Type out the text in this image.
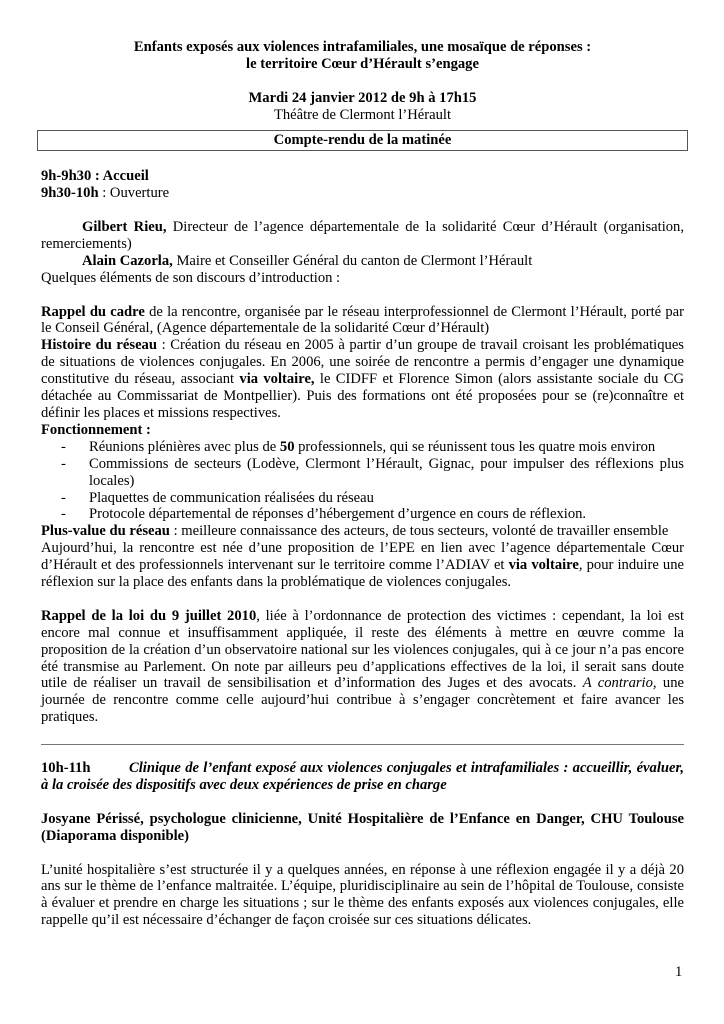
Enfants exposés aux violences intrafamiliales, une mosaïque de réponses :
le territoire Cœur d’Hérault s’engage
Mardi 24 janvier 2012 de 9h à 17h15
Théâtre de Clermont l’Hérault
Compte-rendu de la matinée
9h-9h30 : Accueil
9h30-10h : Ouverture

Gilbert Rieu, Directeur de l’agence départementale de la solidarité Cœur d’Hérault (organisation, remerciements)

Alain Cazorla, Maire et Conseiller Général du canton de Clermont l’Hérault

Quelques éléments de son discours d’introduction :

Rappel du cadre de la rencontre, organisée par le réseau interprofessionnel de Clermont l’Hérault, porté par le Conseil Général, (Agence départementale de la solidarité Cœur d’Hérault)

Histoire du réseau : Création du réseau en 2005 à partir d’un groupe de travail croisant les problématiques de situations de violences conjugales. En 2006, une soirée de rencontre a permis d’engager une dynamique constitutive du réseau, associant via voltaire, le CIDFF et Florence Simon (alors assistante sociale du CG détachée au Commissariat de Montpellier). Puis des formations ont été proposées pour se (re)connaître et définir les places et missions respectives.

Fonctionnement :
- Réunions plénières avec plus de 50 professionnels, qui se réunissent tous les quatre mois environ
- Commissions de secteurs (Lodève, Clermont l’Hérault, Gignac, pour impulser des réflexions plus locales)
- Plaquettes de communication réalisées du réseau
- Protocole départemental de réponses d’hébergement d’urgence en cours de réflexion.

Plus-value du réseau : meilleure connaissance des acteurs, de tous secteurs, volonté de travailler ensemble

Aujourd’hui, la rencontre est née d’une proposition de l’EPE en lien avec l’agence départementale Cœur d’Hérault et des professionnels intervenant sur le territoire comme l’ADIAV et via voltaire, pour induire une réflexion sur la place des enfants dans la problématique de violences conjugales.

Rappel de la loi du 9 juillet 2010, liée à l’ordonnance de protection des victimes : cependant, la loi est encore mal connue et insuffisamment appliquée, il reste des éléments à mettre en œuvre comme la proposition de la création d’un observatoire national sur les violences conjugales, qui à ce jour n’a pas encore été transmise au Parlement. On note par ailleurs peu d’applications effectives de la loi, il serait sans doute utile de réaliser un travail de sensibilisation et d’information des Juges et des avocats. A contrario, une journée de rencontre comme celle aujourd’hui contribue à s’engager concrètement et faire avancer les pratiques.

10h-11h	Clinique de l’enfant exposé aux violences conjugales et intrafamiliales : accueillir, évaluer, à la croisée des dispositifs avec deux expériences de prise en charge

Josyane Périssé, psychologue clinicienne, Unité Hospitalière de l’Enfance en Danger, CHU Toulouse (Diaporama disponible)

L’unité hospitalière s’est structurée il y a quelques années, en réponse à une réflexion engagée il y a déjà 20 ans sur le thème de l’enfance maltraitée. L’équipe, pluridisciplinaire au sein de l’hôpital de Toulouse, consiste à évaluer et prendre en charge les situations ; sur le thème des enfants exposés aux violences conjugales, elle rappelle qu’il est nécessaire d’échanger de façon croisée sur ces situations délicates.

1
